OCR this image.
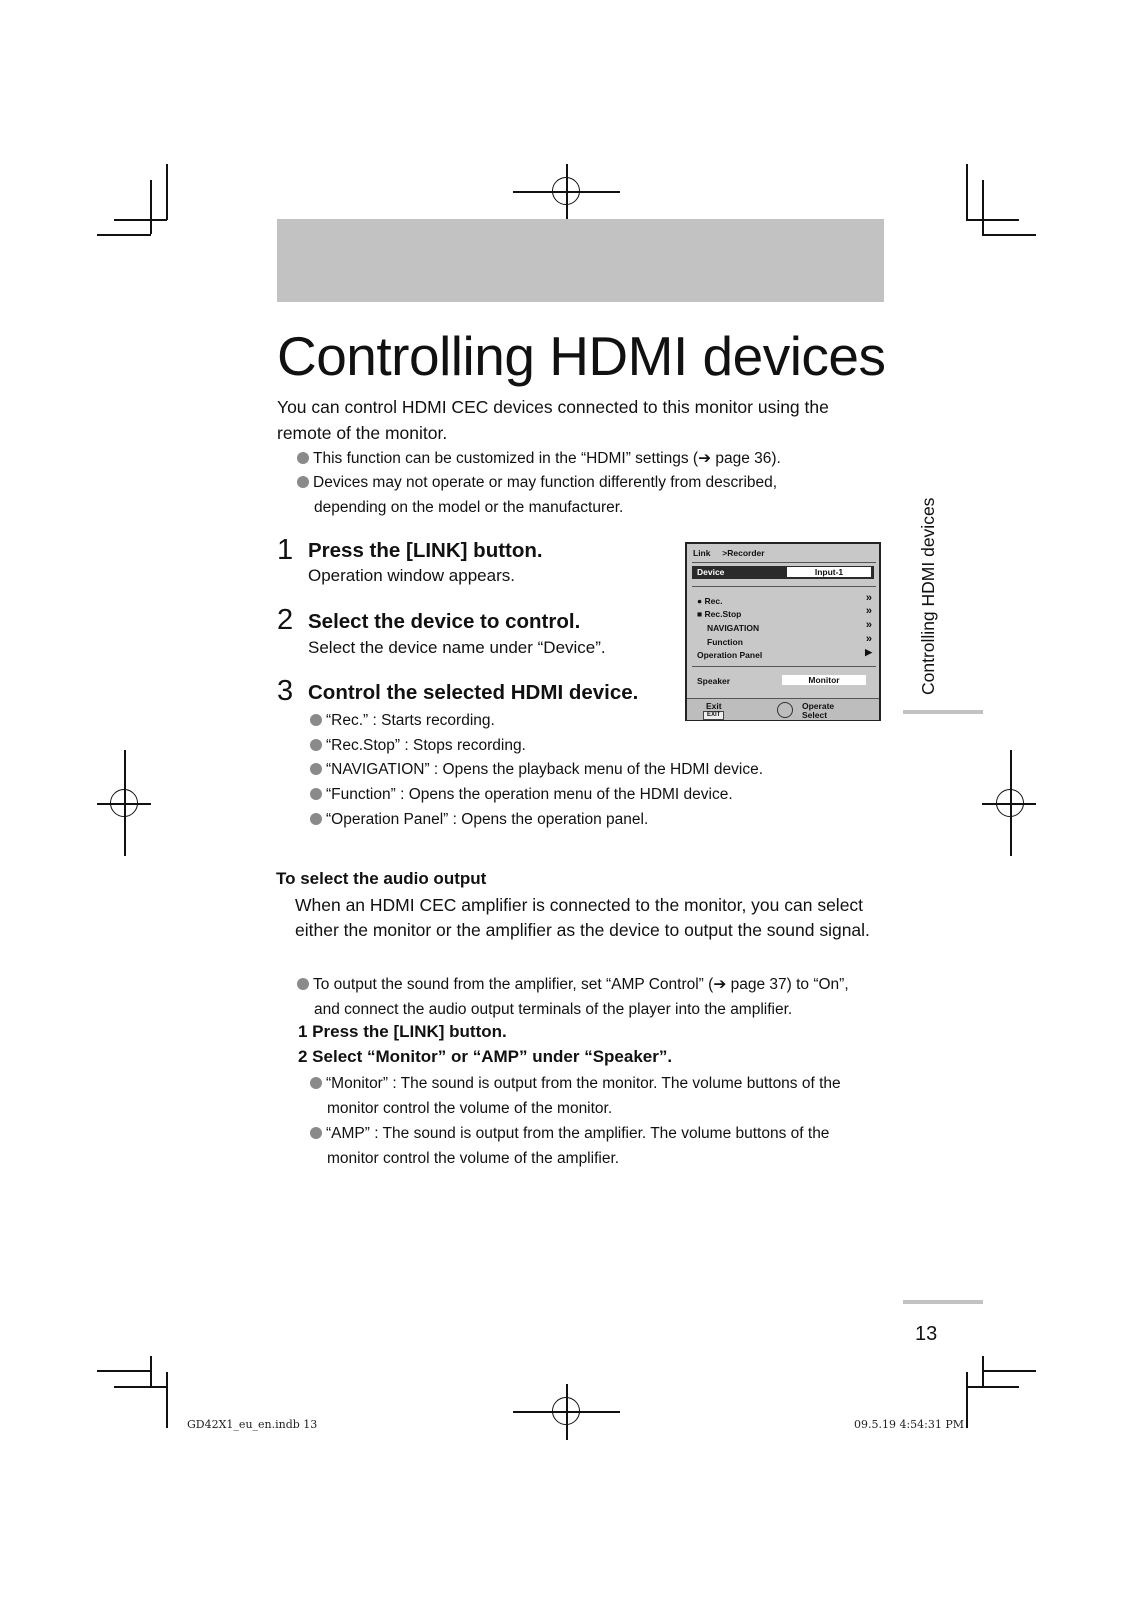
Controlling HDMI devices
You can control HDMI CEC devices connected to this monitor using the remote of the monitor.
This function can be customized in the “HDMI” settings (➔ page 36).
Devices may not operate or may function differently from described,
depending on the model or the manufacturer.
1 Press the [LINK] button.
Operation window appears.
2 Select the device to control.
Select the device name under “Device”.
3 Control the selected HDMI device.
“Rec.” : Starts recording.
“Rec.Stop” : Stops recording.
“NAVIGATION” : Opens the playback menu of the HDMI device.
“Function” : Opens the operation menu of the HDMI device.
“Operation Panel” : Opens the operation panel.
Link >Recorder
Device	Input-1
● Rec.	»
■ Rec.Stop	»
NAVIGATION	»
Function	»
Operation Panel	▶
Speaker	Monitor
Exit
EXIT
Operate
Select
To select the audio output
When an HDMI CEC amplifier is connected to the monitor, you can select either the monitor or the amplifier as the device to output the sound signal.
To output the sound from the amplifier, set “AMP Control” (➔ page 37) to “On”,
and connect the audio output terminals of the player into the amplifier.
1 Press the [LINK] button.
2 Select “Monitor” or “AMP” under “Speaker”.
“Monitor” : The sound is output from the monitor. The volume buttons of the
monitor control the volume of the monitor.
“AMP” : The sound is output from the amplifier. The volume buttons of the
monitor control the volume of the amplifier.
Controlling HDMI devices
13
GD42X1_eu_en.indb 13	09.5.19 4:54:31 PM
